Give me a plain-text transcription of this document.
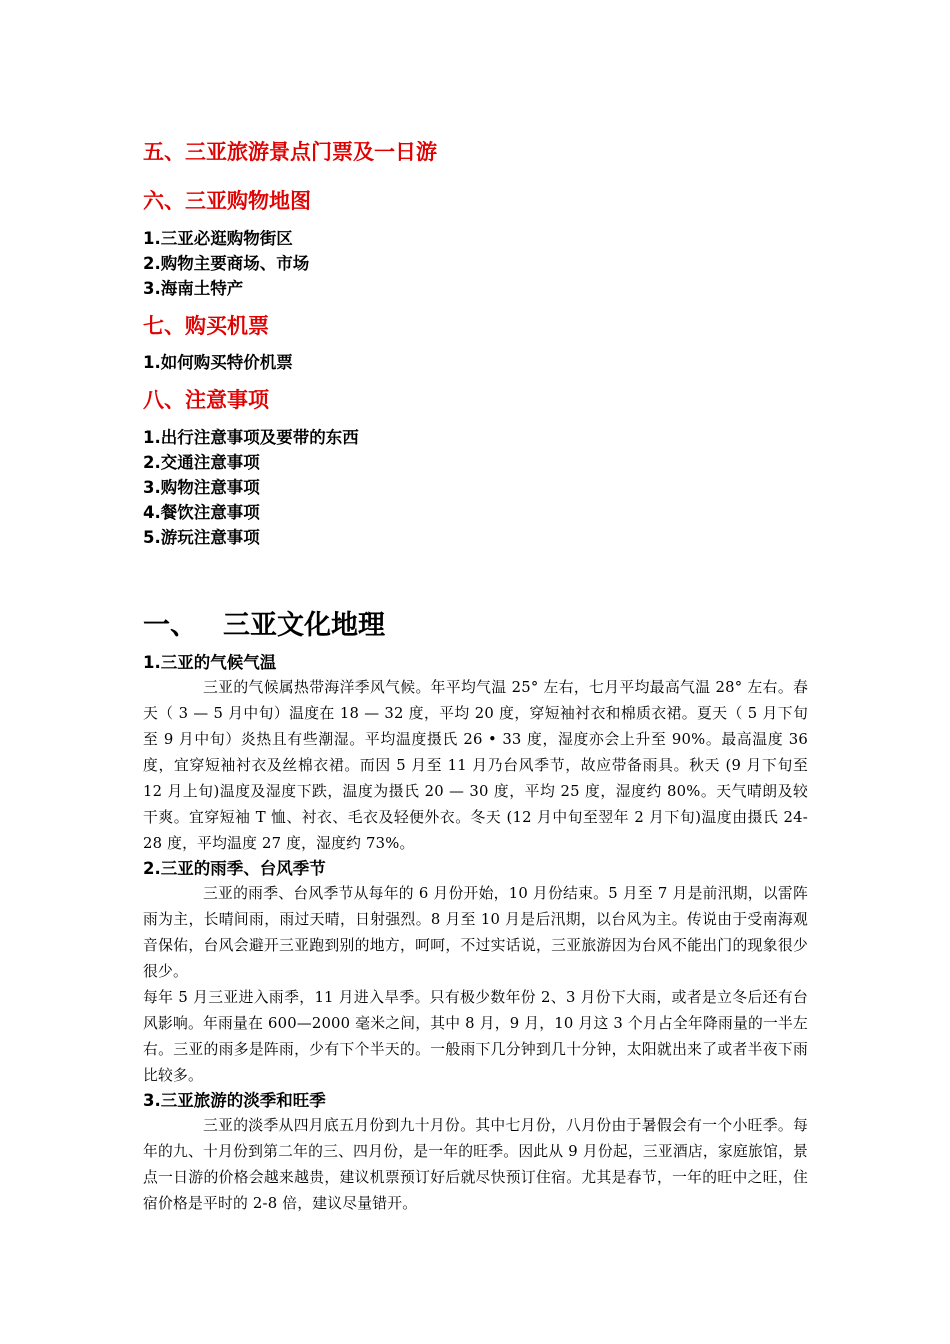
五、三亚旅游景点门票及一日游
六、三亚购物地图

1.三亚必逛购物街区

2.购物主要商场、市场

3.海南土特产

七、购买机票

1.如何购买特价机票

八、注意事项

1.出行注意事项及要带的东西

2.交通注意事项

3.购物注意事项

4.餐饮注意事项

5.游玩注意事项

一、 三亚文化地理
1.三亚的气候气温

三亚的气候属热带海洋季风气候。年平均气温 25° 左右，七月平均最高气温 28° 左右。春天（ 3 — 5 月中旬）温度在 18 — 32 度，平均 20 度，穿短袖衬衣和棉质衣裙。夏天（ 5 月下旬至 9 月中旬）炎热且有些潮湿。平均温度摄氏 26 • 33 度，湿度亦会上升至 90%。最高温度 36 度，宜穿短袖衬衣及丝棉衣裙。而因 5 月至 11 月乃台风季节，故应带备雨具。秋天 (9 月下旬至 12 月上旬)温度及湿度下跌，温度为摄氏 20 — 30 度，平均 25 度，湿度约 80%。天气晴朗及较干爽。宜穿短袖 T 恤、衬衣、毛衣及轻便外衣。冬天 (12 月中旬至翌年 2 月下旬)温度由摄氏 24-28 度，平均温度 27 度，湿度约 73%。

2.三亚的雨季、台风季节

三亚的雨季、台风季节从每年的 6 月份开始，10 月份结束。5 月至 7 月是前汛期，以雷阵雨为主，长晴间雨，雨过天晴，日射强烈。8 月至 10 月是后汛期，以台风为主。传说由于受南海观音保佑，台风会避开三亚跑到别的地方，呵呵，不过实话说，三亚旅游因为台风不能出门的现象很少很少。

每年 5 月三亚进入雨季，11 月进入旱季。只有极少数年份 2、3 月份下大雨，或者是立冬后还有台风影响。年雨量在 600—2000 毫米之间，其中 8 月，9 月，10 月这 3 个月占全年降雨量的一半左右。三亚的雨多是阵雨，少有下个半天的。一般雨下几分钟到几十分钟，太阳就出来了或者半夜下雨比较多。

3.三亚旅游的淡季和旺季

三亚的淡季从四月底五月份到九十月份。其中七月份，八月份由于暑假会有一个小旺季。每年的九、十月份到第二年的三、四月份，是一年的旺季。因此从 9 月份起，三亚酒店，家庭旅馆，景点一日游的价格会越来越贵，建议机票预订好后就尽快预订住宿。尤其是春节，一年的旺中之旺，住宿价格是平时的 2-8 倍，建议尽量错开。
